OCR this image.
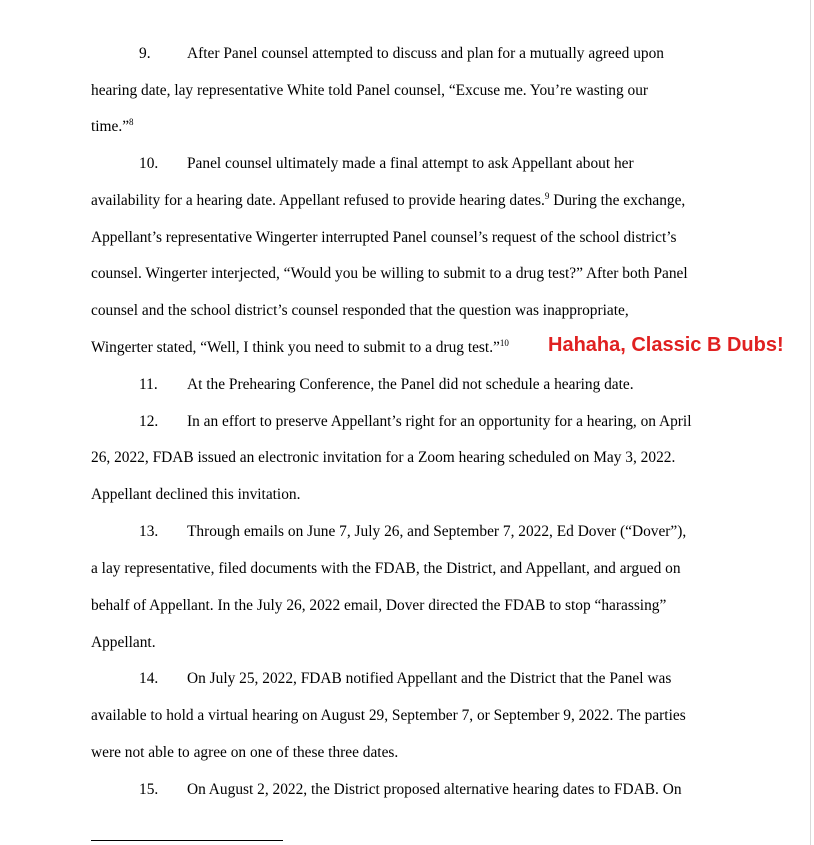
9. After Panel counsel attempted to discuss and plan for a mutually agreed upon
hearing date, lay representative White told Panel counsel, “Excuse me. You’re wasting our
time.”$^8$
10. Panel counsel ultimately made a final attempt to ask Appellant about her
availability for a hearing date. Appellant refused to provide hearing dates.$^9$ During the exchange,
Appellant’s representative Wingerter interrupted Panel counsel’s request of the school district’s
counsel. Wingerter interjected, “Would you be willing to submit to a drug test?” After both Panel
counsel and the school district’s counsel responded that the question was inappropriate,
Wingerter stated, “Well, I think you need to submit to a drug test.”$^{10}$ Hahaha, Classic B Dubs!
11. At the Prehearing Conference, the Panel did not schedule a hearing date.
12. In an effort to preserve Appellant’s right for an opportunity for a hearing, on April
26, 2022, FDAB issued an electronic invitation for a Zoom hearing scheduled on May 3, 2022.
Appellant declined this invitation.
13. Through emails on June 7, July 26, and September 7, 2022, Ed Dover (“Dover”),
a lay representative, filed documents with the FDAB, the District, and Appellant, and argued on
behalf of Appellant. In the July 26, 2022 email, Dover directed the FDAB to stop “harassing”
Appellant.
14. On July 25, 2022, FDAB notified Appellant and the District that the Panel was
available to hold a virtual hearing on August 29, September 7, or September 9, 2022. The parties
were not able to agree on one of these three dates.
15. On August 2, 2022, the District proposed alternative hearing dates to FDAB. On
